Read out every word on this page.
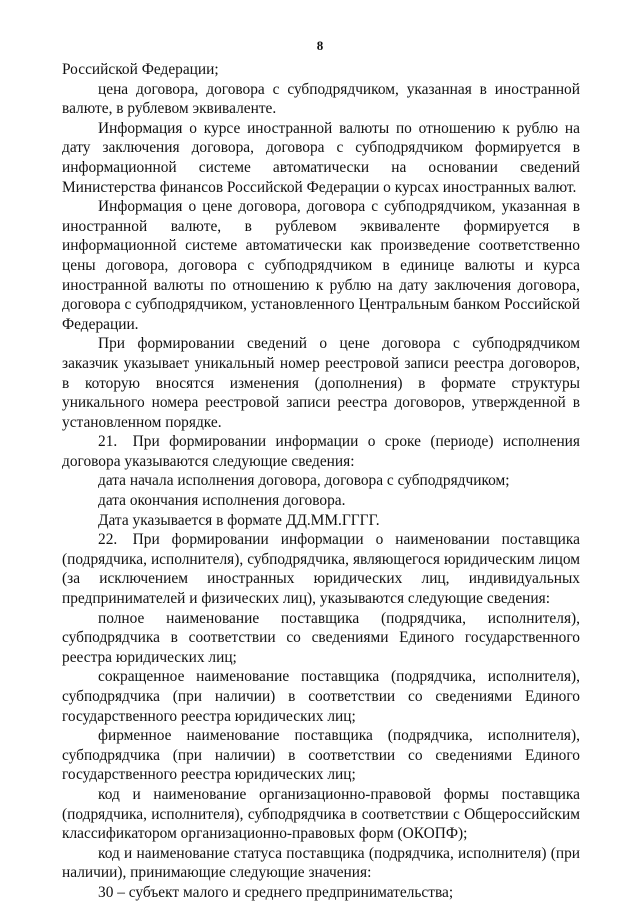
8

Российской Федерации;

цена договора, договора с субподрядчиком, указанная в иностранной валюте, в рублевом эквиваленте.

Информация о курсе иностранной валюты по отношению к рублю на дату заключения договора, договора с субподрядчиком формируется в информационной системе автоматически на основании сведений Министерства финансов Российской Федерации о курсах иностранных валют.

Информация о цене договора, договора с субподрядчиком, указанная в иностранной валюте, в рублевом эквиваленте формируется в информационной системе автоматически как произведение соответственно цены договора, договора с субподрядчиком в единице валюты и курса иностранной валюты по отношению к рублю на дату заключения договора, договора с субподрядчиком, установленного Центральным банком Российской Федерации.

При формировании сведений о цене договора с субподрядчиком заказчик указывает уникальный номер реестровой записи реестра договоров, в которую вносятся изменения (дополнения) в формате структуры уникального номера реестровой записи реестра договоров, утвержденной в установленном порядке.

21. При формировании информации о сроке (периоде) исполнения договора указываются следующие сведения:

дата начала исполнения договора, договора с субподрядчиком;

дата окончания исполнения договора.

Дата указывается в формате ДД.ММ.ГГГГ.

22. При формировании информации о наименовании поставщика (подрядчика, исполнителя), субподрядчика, являющегося юридическим лицом (за исключением иностранных юридических лиц, индивидуальных предпринимателей и физических лиц), указываются следующие сведения:

полное наименование поставщика (подрядчика, исполнителя), субподрядчика в соответствии со сведениями Единого государственного реестра юридических лиц;

сокращенное наименование поставщика (подрядчика, исполнителя), субподрядчика (при наличии) в соответствии со сведениями Единого государственного реестра юридических лиц;

фирменное наименование поставщика (подрядчика, исполнителя), субподрядчика (при наличии) в соответствии со сведениями Единого государственного реестра юридических лиц;

код и наименование организационно-правовой формы поставщика (подрядчика, исполнителя), субподрядчика в соответствии с Общероссийским классификатором организационно-правовых форм (ОКОПФ);

код и наименование статуса поставщика (подрядчика, исполнителя) (при наличии), принимающие следующие значения:

30 – субъект малого и среднего предпринимательства;
